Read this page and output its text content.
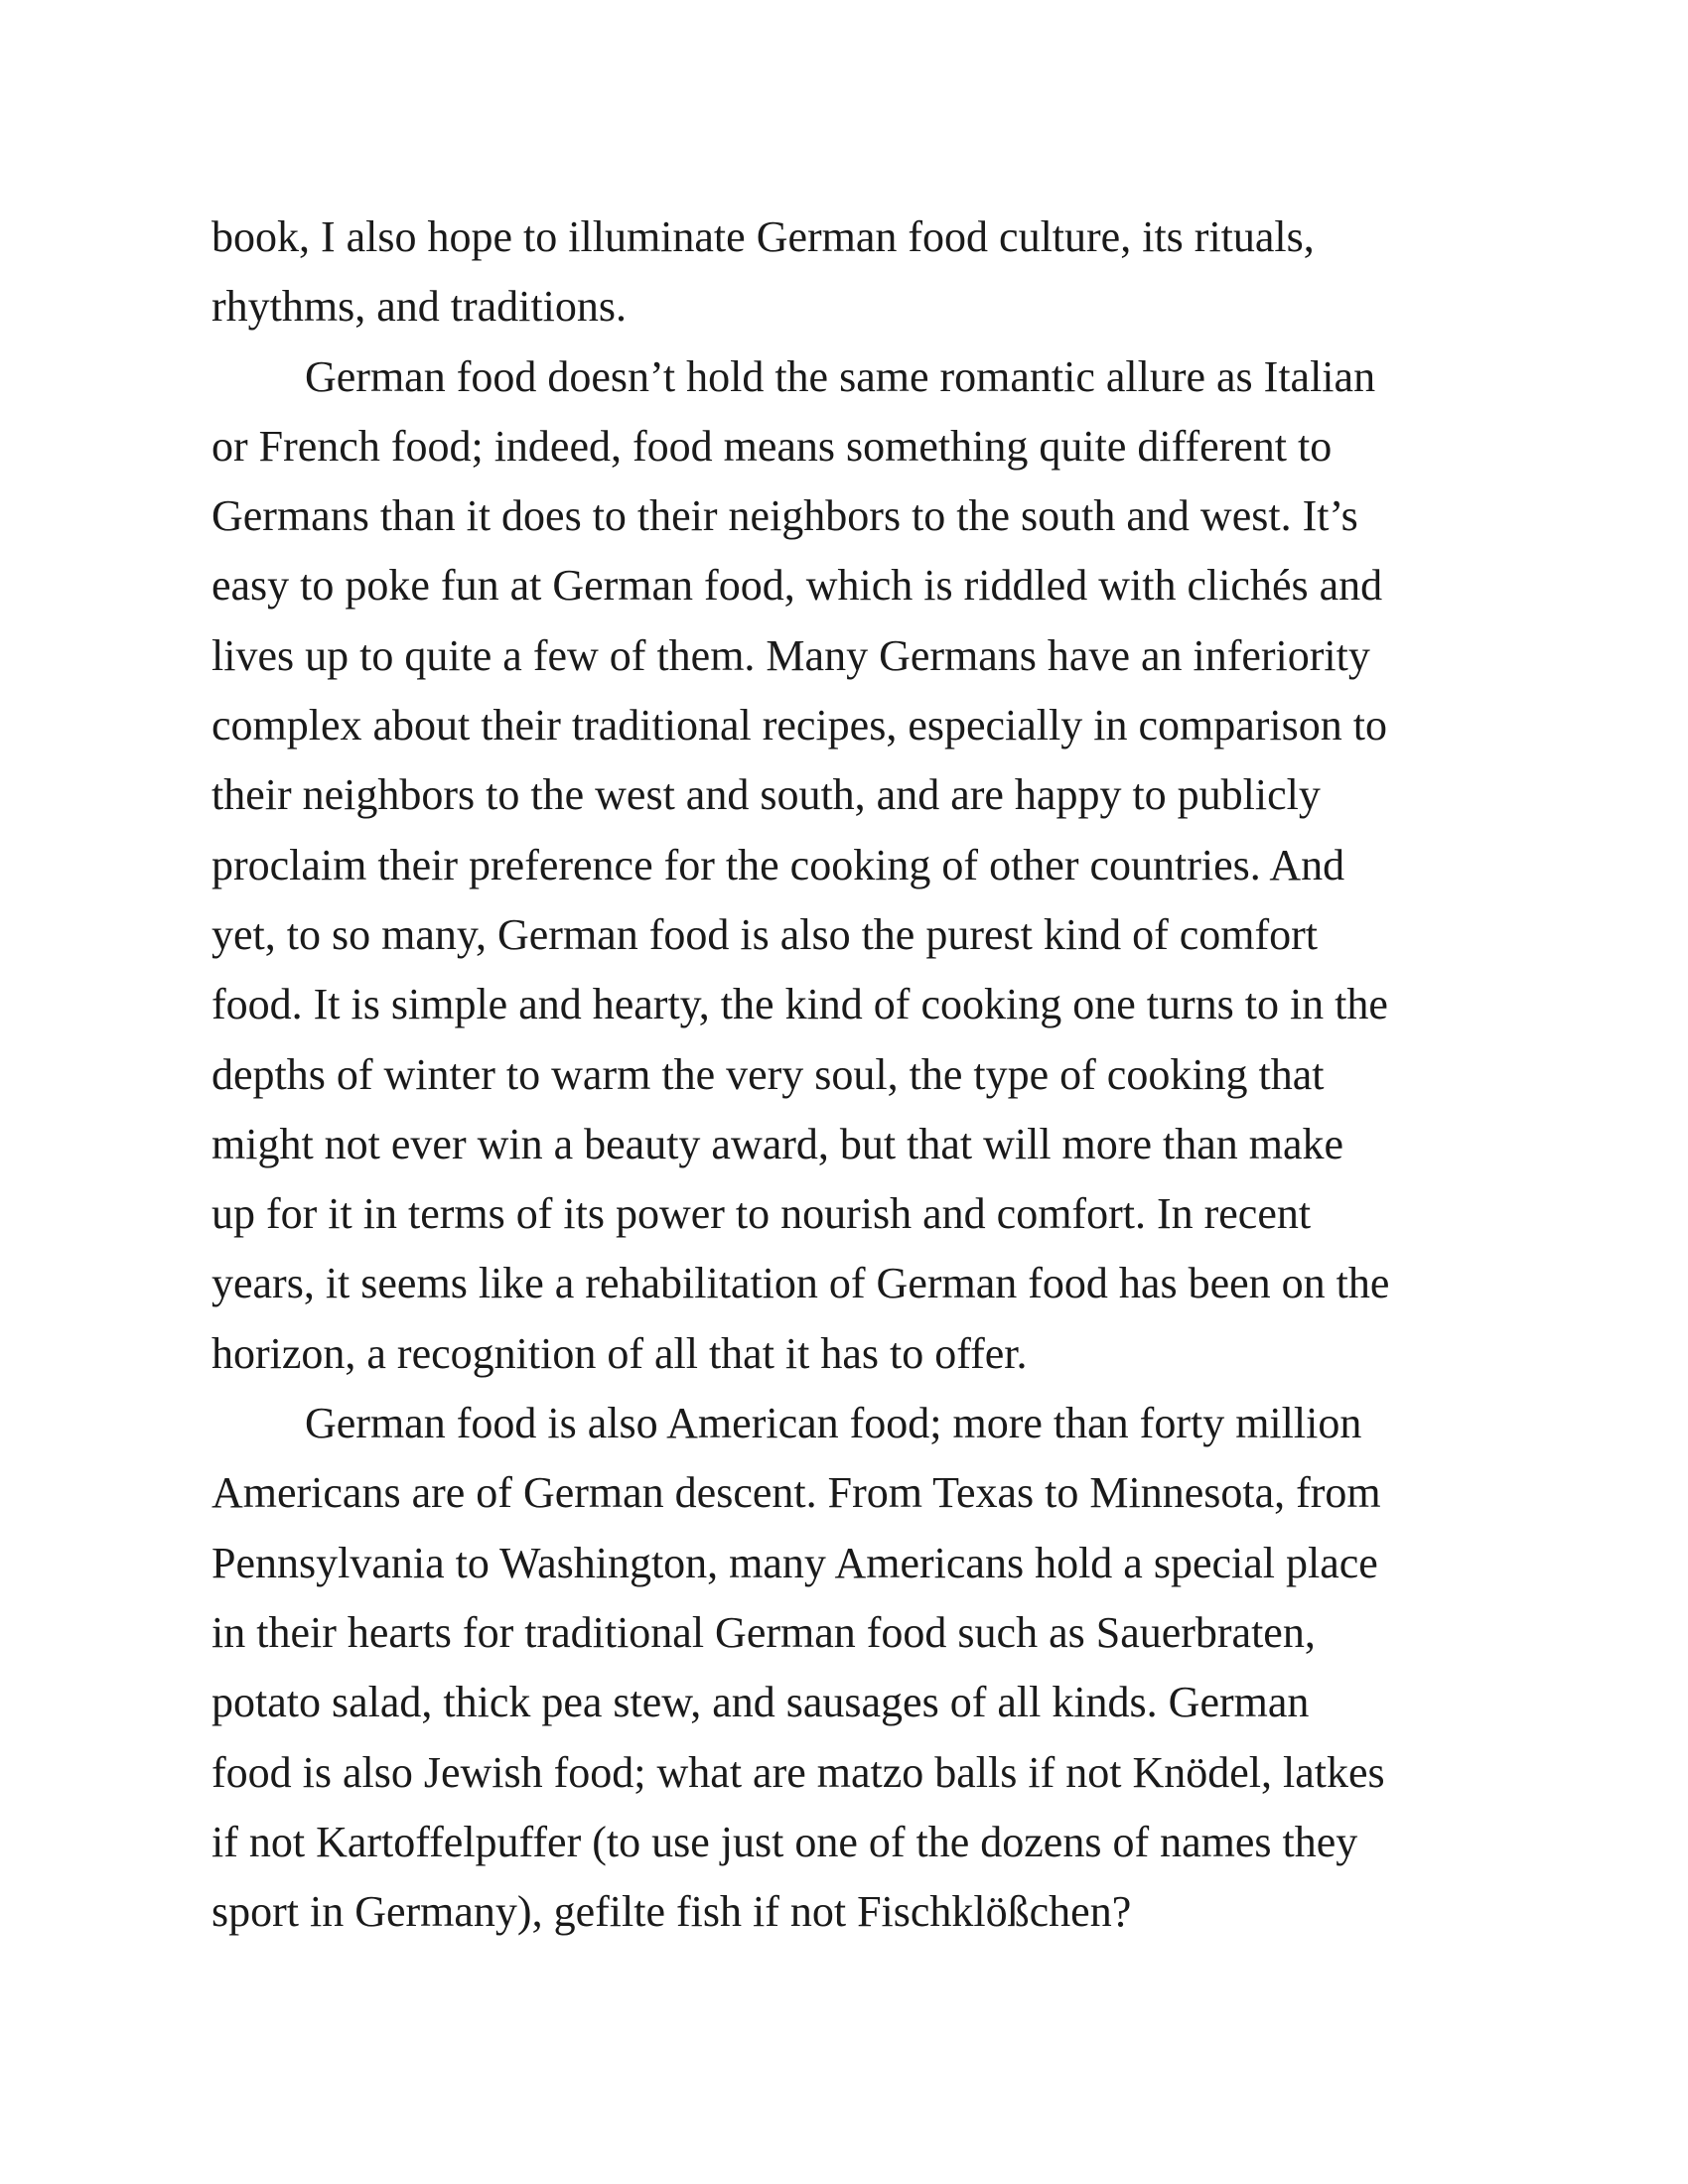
book, I also hope to illuminate German food culture, its rituals,
rhythms, and traditions.
German food doesn’t hold the same romantic allure as Italian
or French food; indeed, food means something quite different to
Germans than it does to their neighbors to the south and west. It’s
easy to poke fun at German food, which is riddled with clichés and
lives up to quite a few of them. Many Germans have an inferiority
complex about their traditional recipes, especially in comparison to
their neighbors to the west and south, and are happy to publicly
proclaim their preference for the cooking of other countries. And
yet, to so many, German food is also the purest kind of comfort
food. It is simple and hearty, the kind of cooking one turns to in the
depths of winter to warm the very soul, the type of cooking that
might not ever win a beauty award, but that will more than make
up for it in terms of its power to nourish and comfort. In recent
years, it seems like a rehabilitation of German food has been on the
horizon, a recognition of all that it has to offer.
German food is also American food; more than forty million
Americans are of German descent. From Texas to Minnesota, from
Pennsylvania to Washington, many Americans hold a special place
in their hearts for traditional German food such as Sauerbraten,
potato salad, thick pea stew, and sausages of all kinds. German
food is also Jewish food; what are matzo balls if not Knödel, latkes
if not Kartoffelpuffer (to use just one of the dozens of names they
sport in Germany), gefilte fish if not Fischklößchen?
